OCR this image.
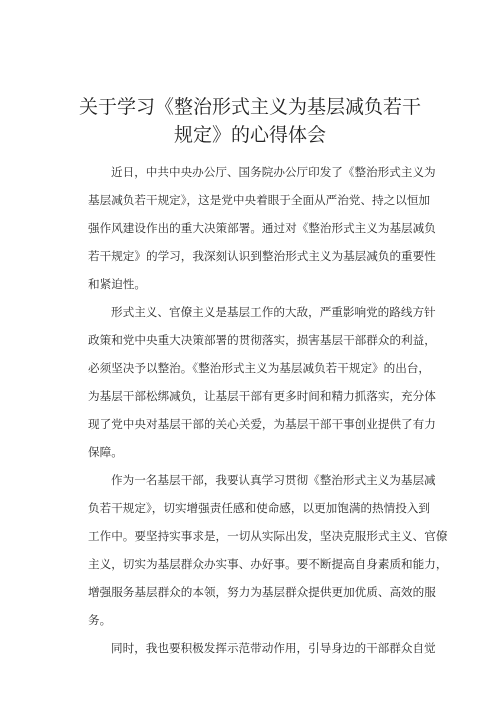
关于学习《整治形式主义为基层减负若干
规定》的心得体会

近日，中共中央办公厅、国务院办公厅印发了《整治形式主义为

基层减负若干规定》，这是党中央着眼于全面从严治党、持之以恒加

强作风建设作出的重大决策部署。通过对《整治形式主义为基层减负

若干规定》的学习，我深刻认识到整治形式主义为基层减负的重要性

和紧迫性。

形式主义、官僚主义是基层工作的大敌，严重影响党的路线方针

政策和党中央重大决策部署的贯彻落实，损害基层干部群众的利益，

必须坚决予以整治。《整治形式主义为基层减负若干规定》的出台，

为基层干部松绑减负，让基层干部有更多时间和精力抓落实，充分体

现了党中央对基层干部的关心关爱，为基层干部干事创业提供了有力

保障。

作为一名基层干部，我要认真学习贯彻《整治形式主义为基层减

负若干规定》，切实增强责任感和使命感，以更加饱满的热情投入到

工作中。要坚持实事求是，一切从实际出发，坚决克服形式主义、官僚

主义，切实为基层群众办实事、办好事。要不断提高自身素质和能力，

增强服务基层群众的本领，努力为基层群众提供更加优质、高效的服

务。

同时，我也要积极发挥示范带动作用，引导身边的干部群众自觉
